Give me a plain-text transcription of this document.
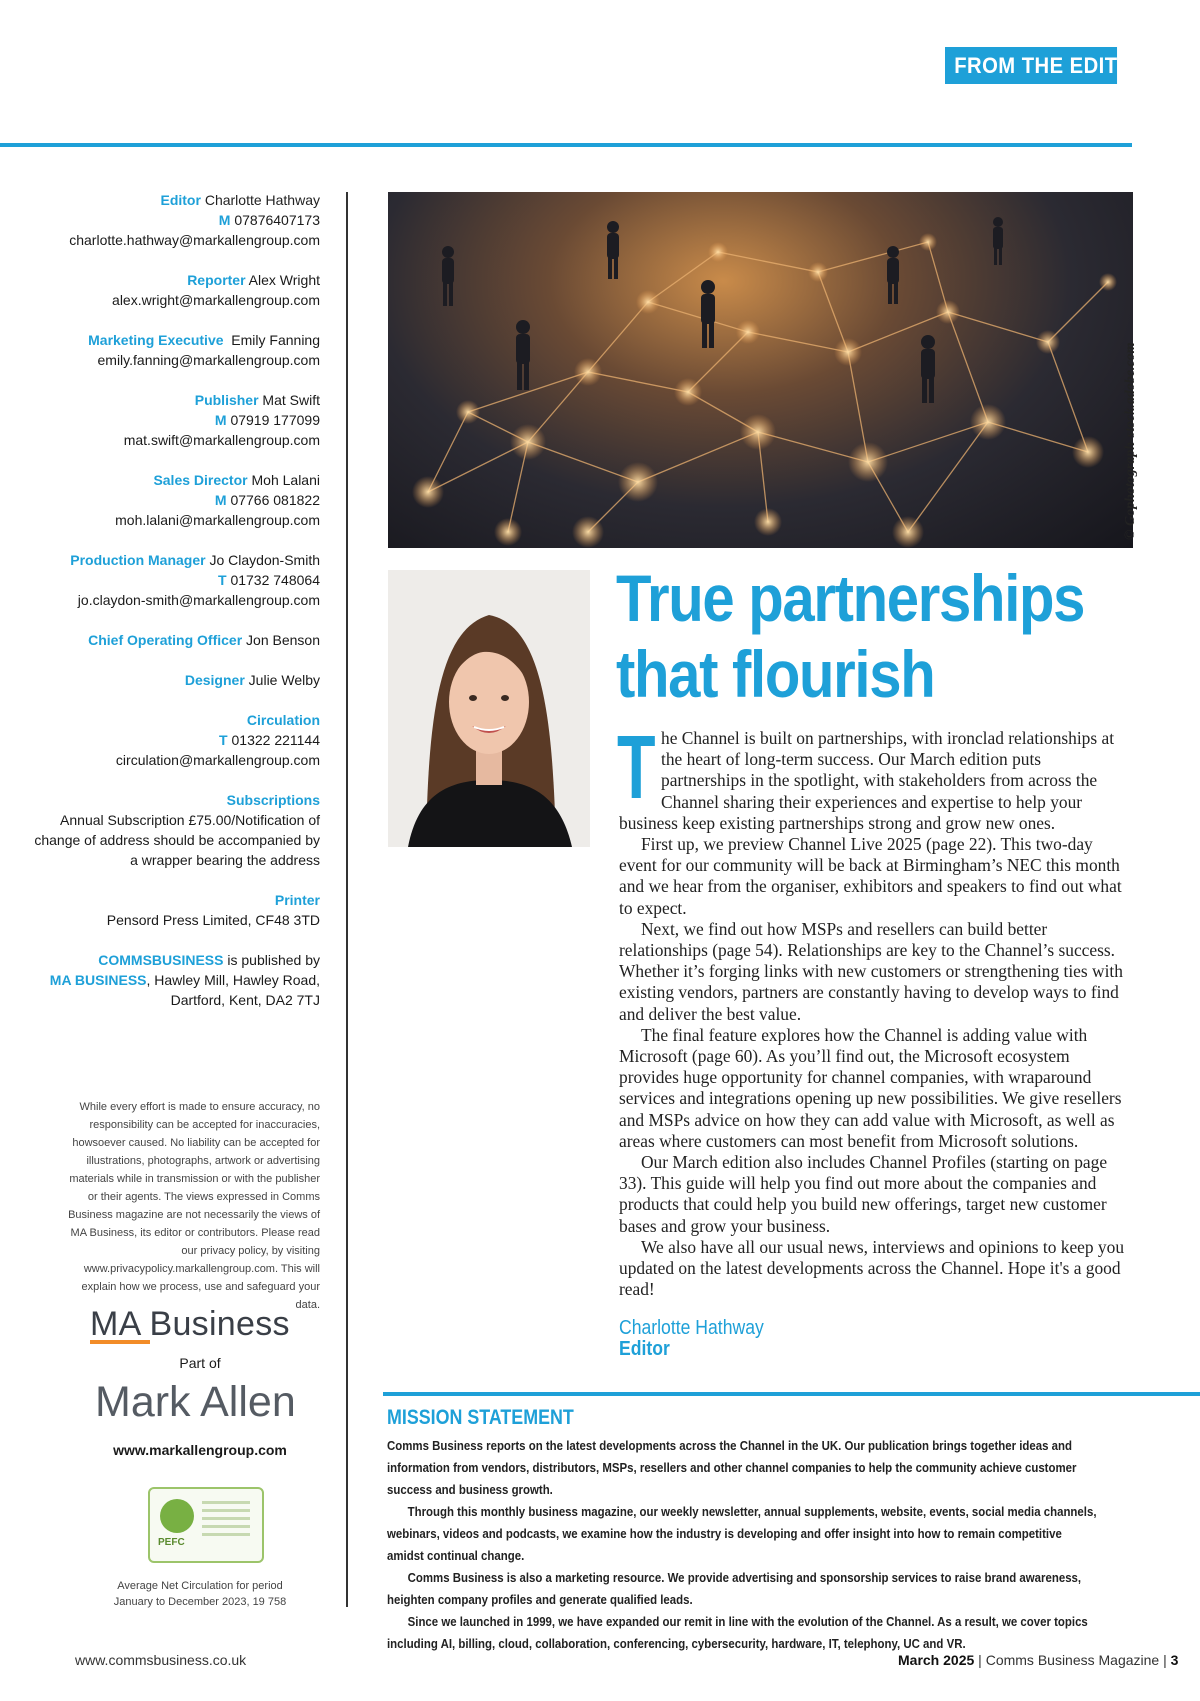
FROM THE EDITOR ✎
Editor Charlotte Hathway
M 07876407173
charlotte.hathway@markallengroup.com
Reporter Alex Wright
alex.wright@markallengroup.com
Marketing Executive Emily Fanning
emily.fanning@markallengroup.com
Publisher Mat Swift
M 07919 177099
mat.swift@markallengroup.com
Sales Director Moh Lalani
M 07766 081822
moh.lalani@markallengroup.com
Production Manager Jo Claydon-Smith
T 01732 748064
jo.claydon-smith@markallengroup.com
Chief Operating Officer Jon Benson
Designer Julie Welby
Circulation
T 01322 221144
circulation@markallengroup.com
Subscriptions
Annual Subscription £75.00/Notification of
change of address should be accompanied by
a wrapper bearing the address
Printer
Pensord Press Limited, CF48 3TD
COMMSBUSINESS is published by
MA BUSINESS, Hawley Mill, Hawley Road,
Dartford, Kent, DA2 7TJ
While every effort is made to ensure accuracy, no responsibility can be accepted for inaccuracies, howsoever caused. No liability can be accepted for illustrations, photographs, artwork or advertising materials while in transmission or with the publisher or their agents. The views expressed in Comms Business magazine are not necessarily the views of MA Business, its editor or contributors. Please read our privacy policy, by visiting www.privacypolicy.markallengroup.com. This will explain how we process, use and safeguard your data.
MA Business
Part of
Mark Allen
www.markallengroup.com
PEFC
Average Net Circulation for period
January to December 2023, 19 758
© Gophotograph-stock.adobe.com
True partnerships
that flourish

The Channel is built on partnerships, with ironclad relationships at the heart of long-term success. Our March edition puts partnerships in the spotlight, with stakeholders from across the Channel sharing their experiences and expertise to help your business keep existing partnerships strong and grow new ones.

First up, we preview Channel Live 2025 (page 22). This two-day event for our community will be back at Birmingham’s NEC this month and we hear from the organiser, exhibitors and speakers to find out what to expect.

Next, we find out how MSPs and resellers can build better relationships (page 54). Relationships are key to the Channel’s success. Whether it’s forging links with new customers or strengthening ties with existing vendors, partners are constantly having to develop ways to find and deliver the best value.

The final feature explores how the Channel is adding value with Microsoft (page 60). As you’ll find out, the Microsoft ecosystem provides huge opportunity for channel companies, with wraparound services and integrations opening up new possibilities. We give resellers and MSPs advice on how they can add value with Microsoft, as well as areas where customers can most benefit from Microsoft solutions.

Our March edition also includes Channel Profiles (starting on page 33). This guide will help you find out more about the companies and products that could help you build new offerings, target new customer bases and grow your business.

We also have all our usual news, interviews and opinions to keep you updated on the latest developments across the Channel. Hope it's a good read!

Charlotte Hathway
Editor
MISSION STATEMENT

Comms Business reports on the latest developments across the Channel in the UK. Our publication brings together ideas and information from vendors, distributors, MSPs, resellers and other channel companies to help the community achieve customer success and business growth.

Through this monthly business magazine, our weekly newsletter, annual supplements, website, events, social media channels, webinars, videos and podcasts, we examine how the industry is developing and offer insight into how to remain competitive amidst continual change.

Comms Business is also a marketing resource. We provide advertising and sponsorship services to raise brand awareness, heighten company profiles and generate qualified leads.

Since we launched in 1999, we have expanded our remit in line with the evolution of the Channel. As a result, we cover topics including AI, billing, cloud, collaboration, conferencing, cybersecurity, hardware, IT, telephony, UC and VR.

www.commsbusiness.co.uk	March 2025 | Comms Business Magazine | 3
